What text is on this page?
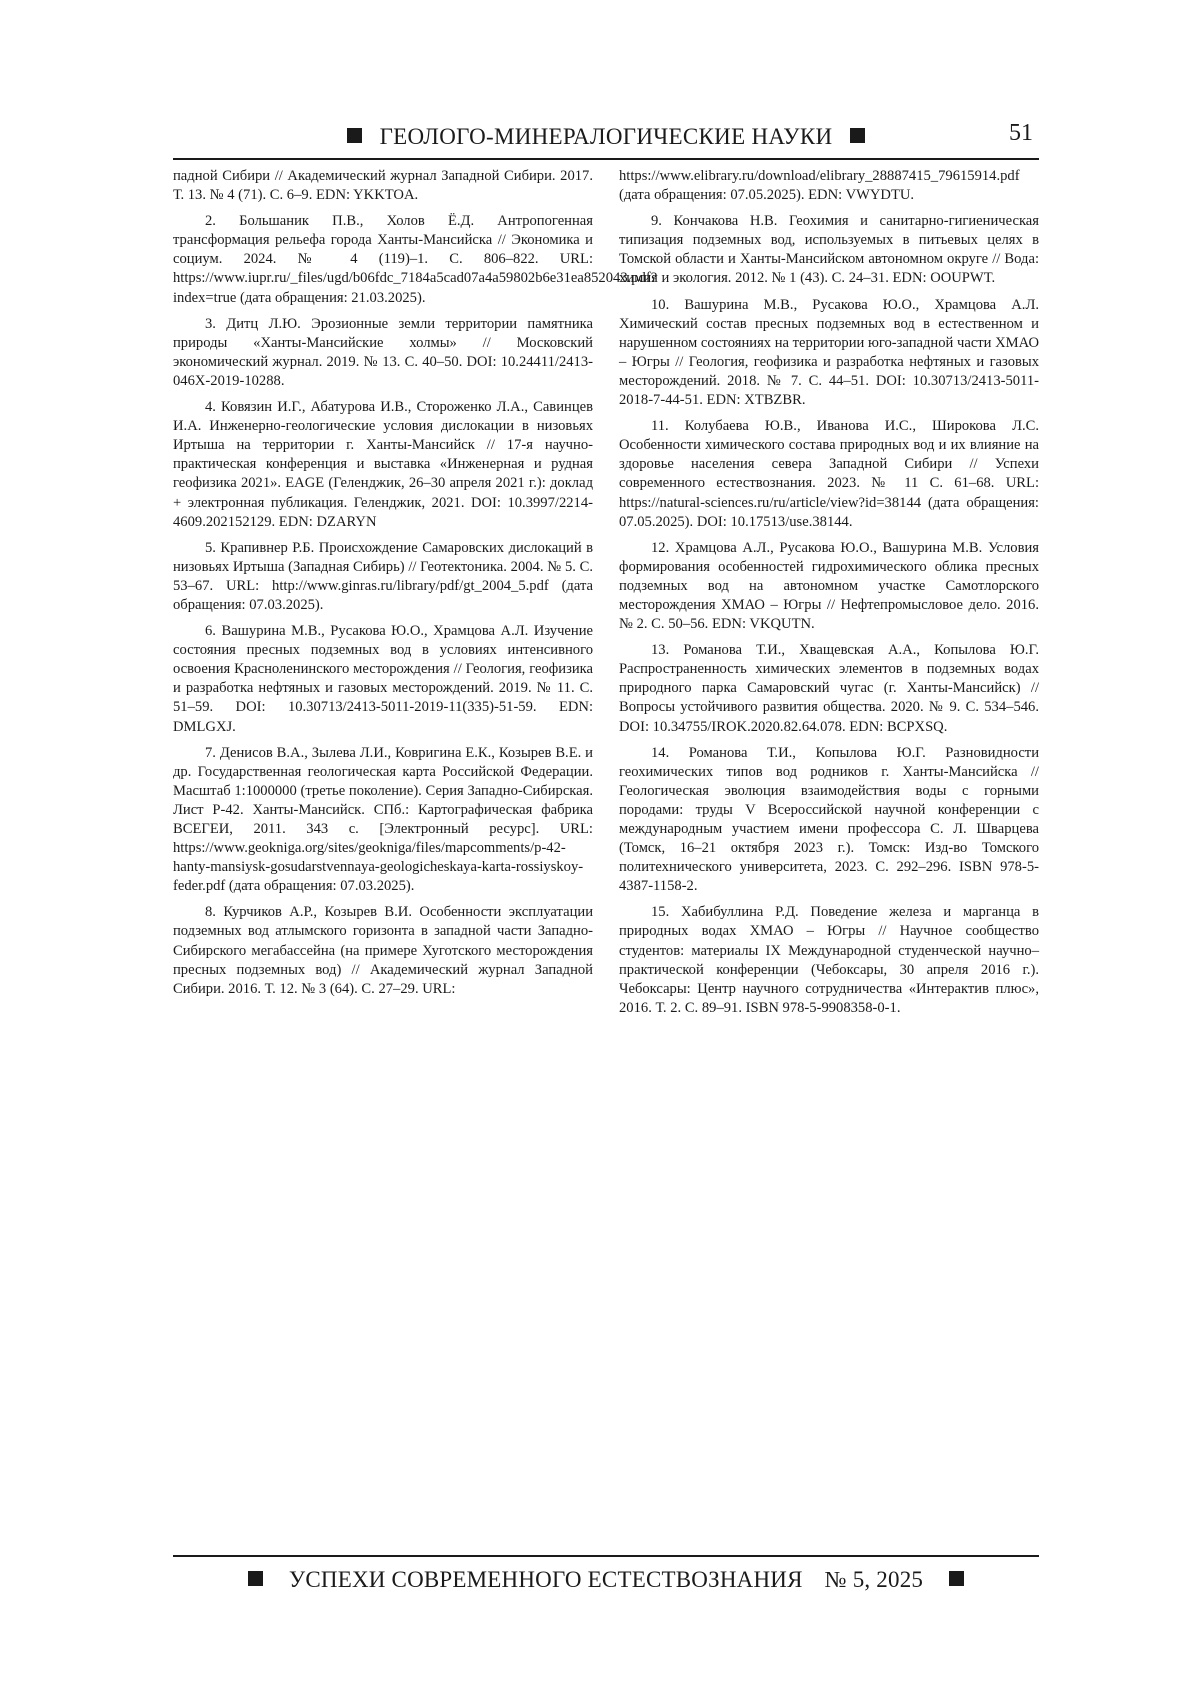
ГЕОЛОГО-МИНЕРАЛОГИЧЕСКИЕ НАУКИ	51

падной Сибири // Академический журнал Западной Сибири. 2017. Т. 13. № 4 (71). С. 6–9. EDN: YKKTOA.

2. Большаник П.В., Холов Ё.Д. Антропогенная трансформация рельефа города Ханты-Мансийска // Экономика и социум. 2024. № 4 (119)–1. С. 806–822. URL: https://www.iupr.ru/_files/ugd/b06fdc_7184a5cad07a4a59802b6e31ea852043.pdf?index=true (дата обращения: 21.03.2025).

3. Дитц Л.Ю. Эрозионные земли территории памятника природы «Ханты-Мансийские холмы» // Московский экономический журнал. 2019. № 13. С. 40–50. DOI: 10.24411/2413-046X-2019-10288.

4. Ковязин И.Г., Абатурова И.В., Стороженко Л.А., Савинцев И.А. Инженерно-геологические условия дислокации в низовьях Иртыша на территории г. Ханты-Мансийск // 17-я научно-практическая конференция и выставка «Инженерная и рудная геофизика 2021». EAGE (Геленджик, 26–30 апреля 2021 г.): доклад + электронная публикация. Геленджик, 2021. DOI: 10.3997/2214-4609.202152129. EDN: DZARYN

5. Крапивнер Р.Б. Происхождение Самаровских дислокаций в низовьях Иртыша (Западная Сибирь) // Геотектоника. 2004. № 5. С. 53–67. URL: http://www.ginras.ru/library/pdf/gt_2004_5.pdf (дата обращения: 07.03.2025).

6. Вашурина М.В., Русакова Ю.О., Храмцова А.Л. Изучение состояния пресных подземных вод в условиях интенсивного освоения Красноленинского месторождения // Геология, геофизика и разработка нефтяных и газовых месторождений. 2019. № 11. С. 51–59. DOI: 10.30713/2413-5011-2019-11(335)-51-59. EDN: DMLGXJ.

7. Денисов В.А., Зылева Л.И., Ковригина Е.К., Козырев В.Е. и др. Государственная геологическая карта Российской Федерации. Масштаб 1:1000000 (третье поколение). Серия Западно-Сибирская. Лист Р-42. Ханты-Мансийск. СПб.: Картографическая фабрика ВСЕГЕИ, 2011. 343 с. [Электронный ресурс]. URL: https://www.geokniga.org/sites/geokniga/files/mapcomments/p-42-hanty-mansiysk-gosudarstvennaya-geologicheskaya-karta-rossiyskoy-feder.pdf (дата обращения: 07.03.2025).

8. Курчиков А.Р., Козырев В.И. Особенности эксплуатации подземных вод атлымского горизонта в западной части Западно-Сибирского мегабассейна (на примере Хуготского месторождения пресных подземных вод) // Академический журнал Западной Сибири. 2016. Т. 12. № 3 (64). С. 27–29. URL:

https://www.elibrary.ru/download/elibrary_28887415_79615914.pdf (дата обращения: 07.05.2025). EDN: VWYDTU.

9. Кончакова Н.В. Геохимия и санитарно-гигиеническая типизация подземных вод, используемых в питьевых целях в Томской области и Ханты-Мансийском автономном округе // Вода: химия и экология. 2012. № 1 (43). С. 24–31. EDN: OOUPWT.

10. Вашурина М.В., Русакова Ю.О., Храмцова А.Л. Химический состав пресных подземных вод в естественном и нарушенном состояниях на территории юго-западной части ХМАО – Югры // Геология, геофизика и разработка нефтяных и газовых месторождений. 2018. № 7. С. 44–51. DOI: 10.30713/2413-5011-2018-7-44-51. EDN: XTBZBR.

11. Колубаева Ю.В., Иванова И.С., Широкова Л.С. Особенности химического состава природных вод и их влияние на здоровье населения севера Западной Сибири // Успехи современного естествознания. 2023. № 11 С. 61–68. URL: https://natural-sciences.ru/ru/article/view?id=38144 (дата обращения: 07.05.2025). DOI: 10.17513/use.38144.

12. Храмцова А.Л., Русакова Ю.О., Вашурина М.В. Условия формирования особенностей гидрохимического облика пресных подземных вод на автономном участке Самотлорского месторождения ХМАО – Югры // Нефтепромысловое дело. 2016. № 2. С. 50–56. EDN: VKQUTN.

13. Романова Т.И., Хващевская А.А., Копылова Ю.Г. Распространенность химических элементов в подземных водах природного парка Самаровский чугас (г. Ханты-Мансийск) // Вопросы устойчивого развития общества. 2020. № 9. С. 534–546. DOI: 10.34755/IROK.2020.82.64.078. EDN: BCPXSQ.

14. Романова Т.И., Копылова Ю.Г. Разновидности геохимических типов вод родников г. Ханты-Мансийска // Геологическая эволюция взаимодействия воды с горными породами: труды V Всероссийской научной конференции с международным участием имени профессора С. Л. Шварцева (Томск, 16–21 октября 2023 г.). Томск: Изд-во Томского политехнического университета, 2023. С. 292–296. ISBN 978-5-4387-1158-2.

15. Хабибуллина Р.Д. Поведение железа и марганца в природных водах ХМАО – Югры // Научное сообщество студентов: материалы IX Международной студенческой научно–практической конференции (Чебоксары, 30 апреля 2016 г.). Чебоксары: Центр научного сотрудничества «Интерактив плюс», 2016. Т. 2. С. 89–91. ISBN 978-5-9908358-0-1.

УСПЕХИ СОВРЕМЕННОГО ЕСТЕСТВОЗНАНИЯ № 5, 2025
